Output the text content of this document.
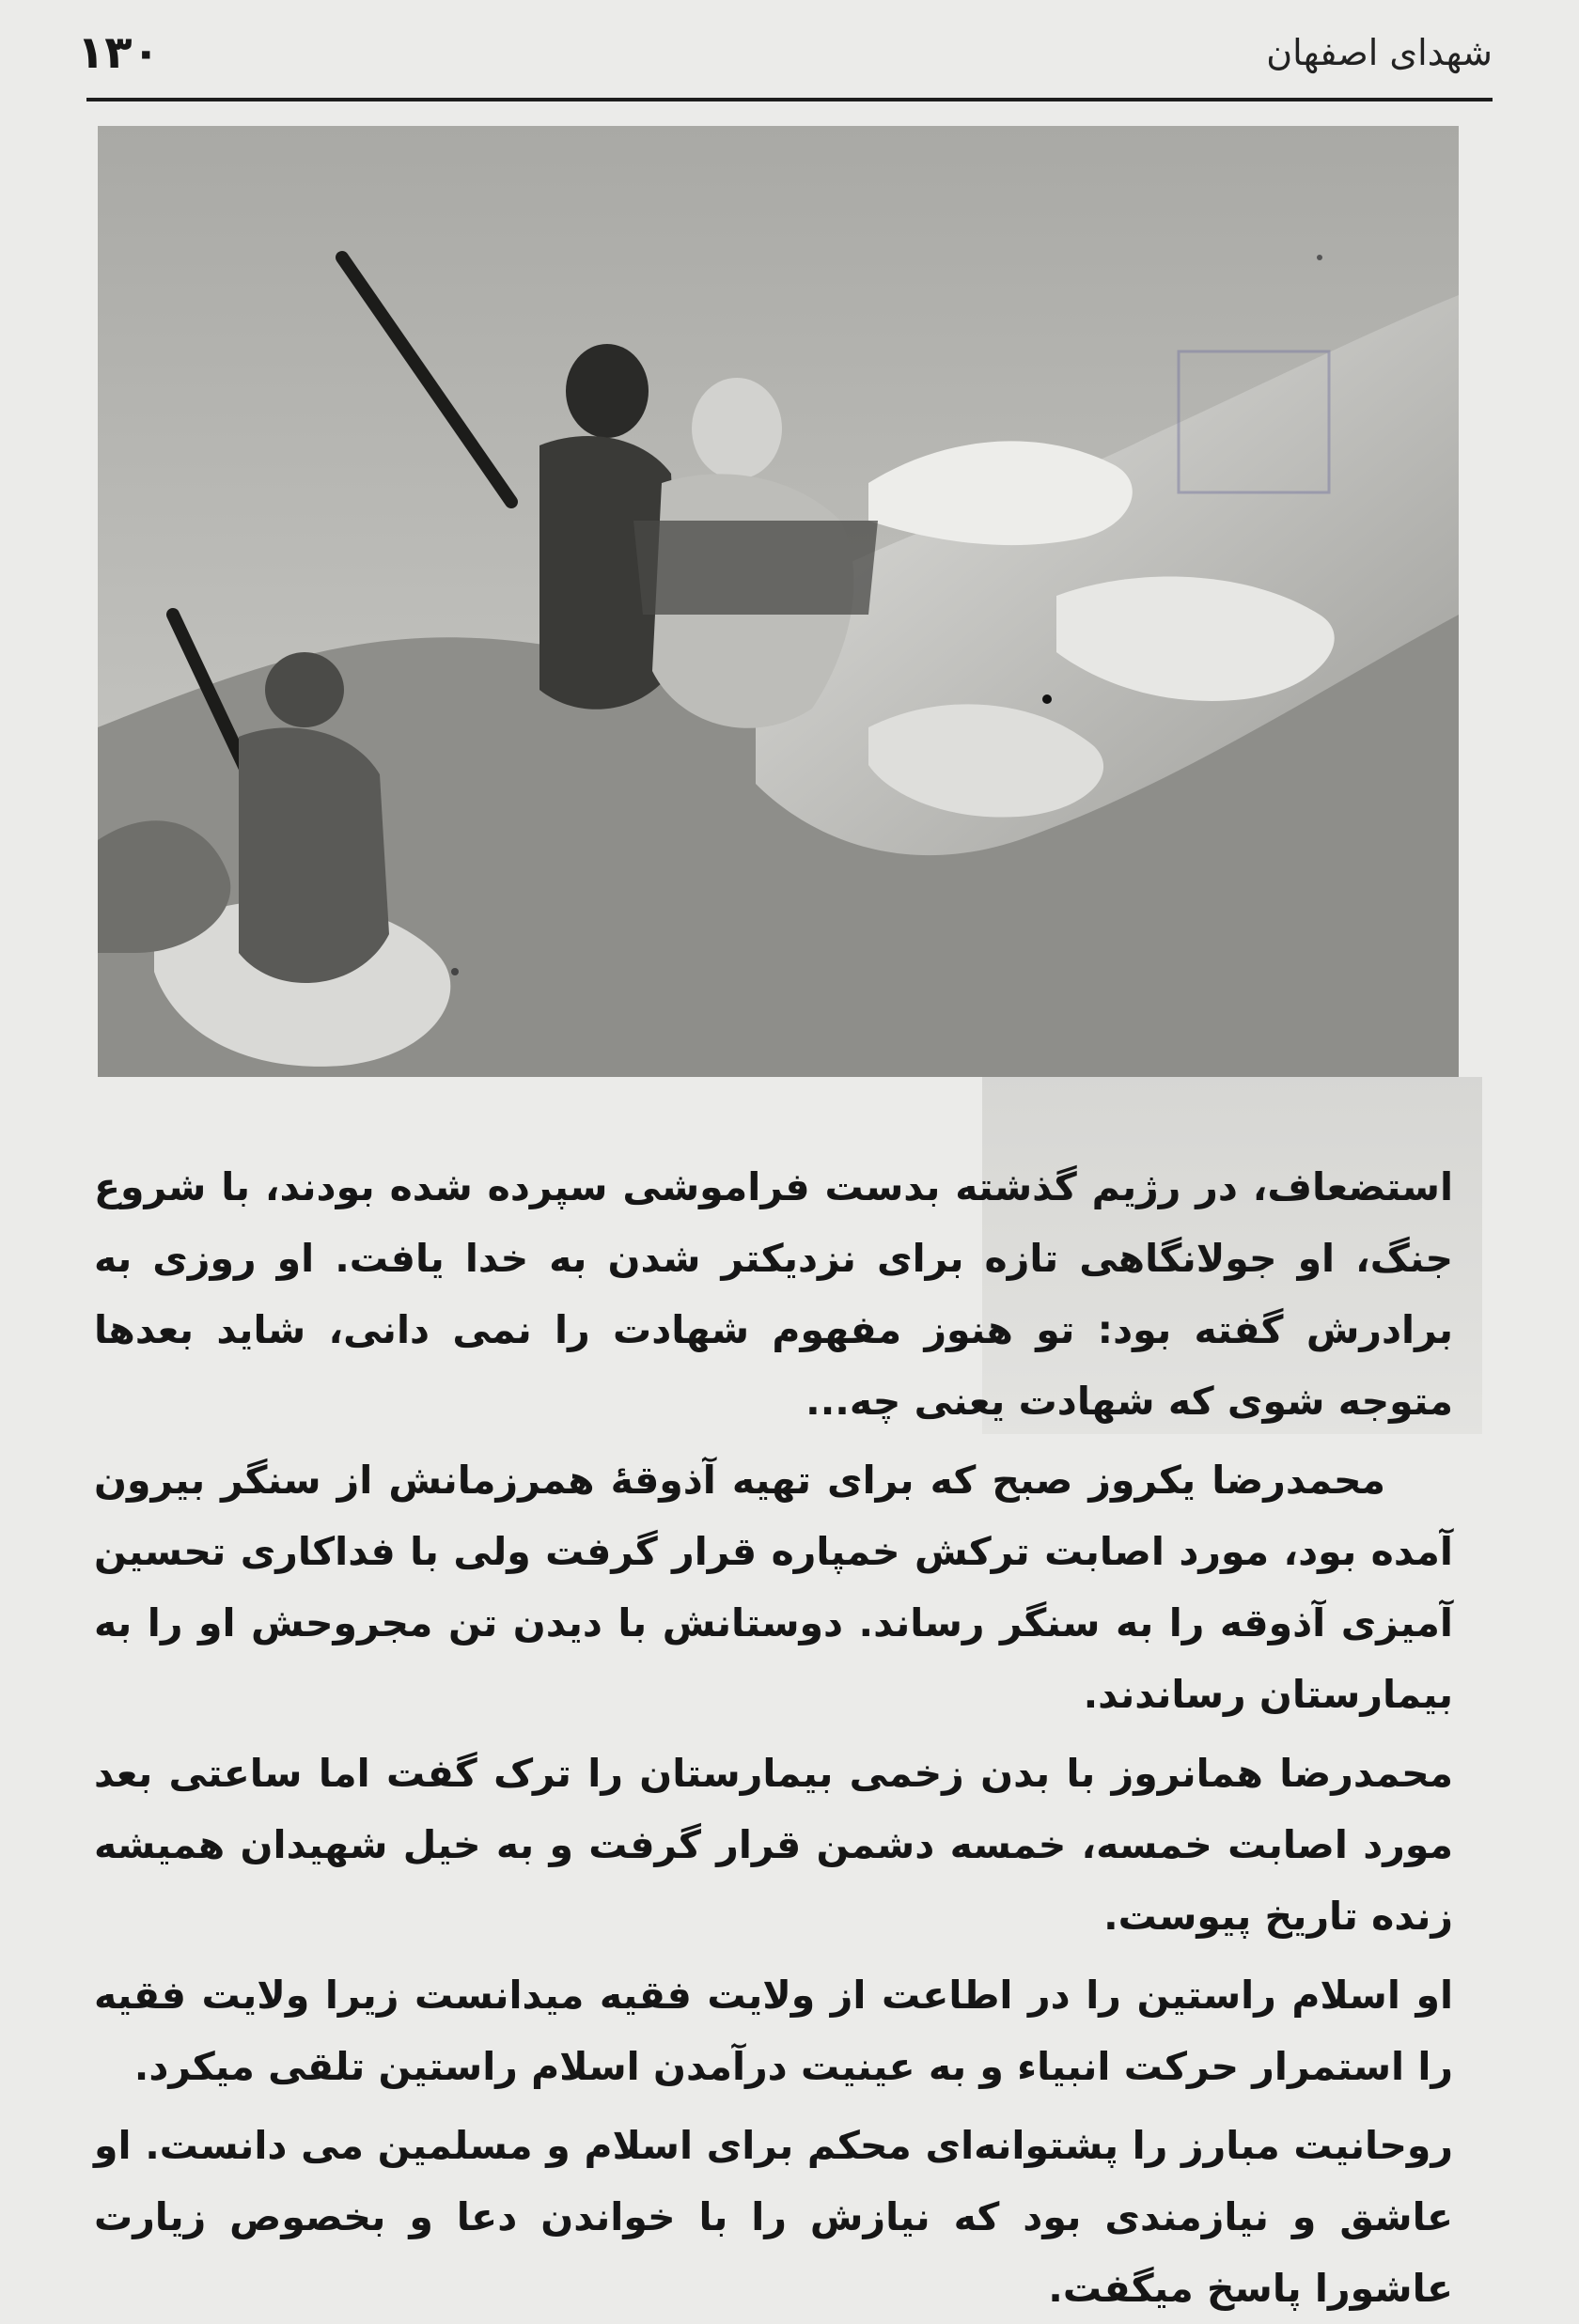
۱۳۰	شهدای اصفهان

استضعاف، در رژیم گذشته بدست فراموشی سپرده شده بودند، با شروع جنگ، او جولانگاهی تازه برای نزدیکتر شدن به خدا یافت. او روزی به برادرش گفته بود: تو هنوز مفهوم شهادت را نمی دانی، شاید بعدها متوجه شوی که شهادت یعنی چه...

محمدرضا یکروز صبح که برای تهیه آذوقهٔ همرزمانش از سنگر بیرون آمده بود، مورد اصابت ترکش خمپاره قرار گرفت ولی با فداکاری تحسین آمیزی آذوقه را به سنگر رساند. دوستانش با دیدن تن مجروحش او را به بیمارستان رساندند.

محمدرضا همانروز با بدن زخمی بیمارستان را ترک گفت اما ساعتی بعد مورد اصابت خمسه، خمسه دشمن قرار گرفت و به خیل شهیدان همیشه زنده تاریخ پیوست.

او اسلام راستین را در اطاعت از ولایت فقیه میدانست زیرا ولایت فقیه را استمرار حرکت انبیاء و به عینیت درآمدن اسلام راستین تلقی میکرد.

روحانیت مبارز را پشتوانه‌ای محکم برای اسلام و مسلمین می دانست. او عاشق و نیازمندی بود که نیازش را با خواندن دعا و بخصوص زیارت عاشورا پاسخ میگفت.
